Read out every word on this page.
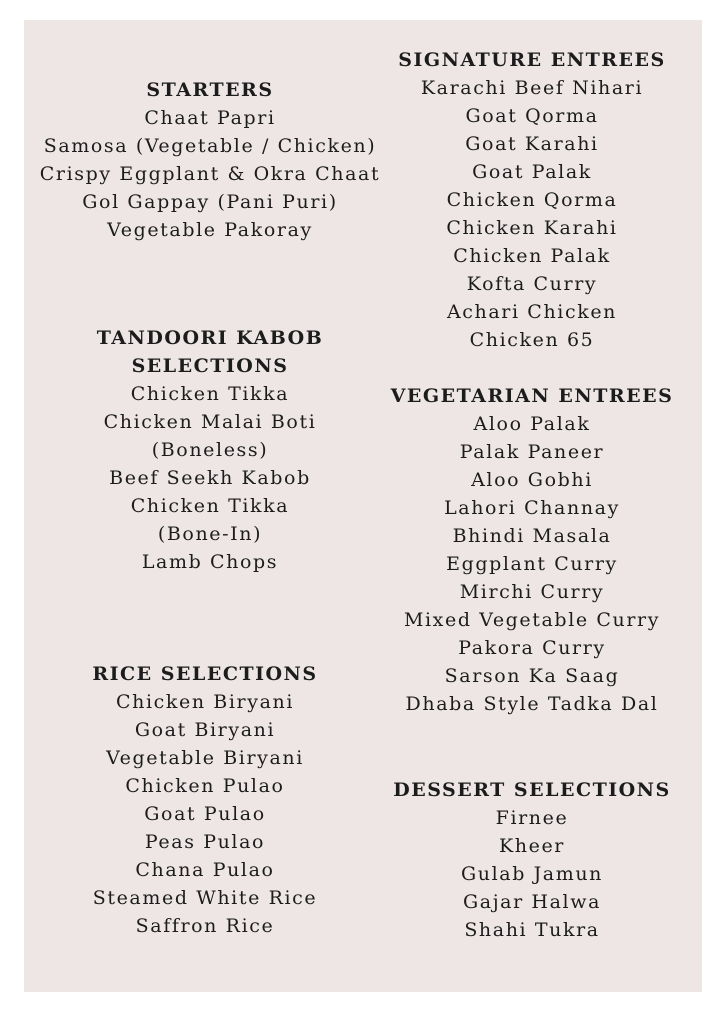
STARTERS
Chaat Papri
Samosa (Vegetable / Chicken)
Crispy Eggplant & Okra Chaat
Gol Gappay (Pani Puri)
Vegetable Pakoray
TANDOORI KABOB
SELECTIONS
Chicken Tikka
Chicken Malai Boti
(Boneless)
Beef Seekh Kabob
Chicken Tikka
(Bone-In)
Lamb Chops
RICE SELECTIONS
Chicken Biryani
Goat Biryani
Vegetable Biryani
Chicken Pulao
Goat Pulao
Peas Pulao
Chana Pulao
Steamed White Rice
Saffron Rice
SIGNATURE ENTREES
Karachi Beef Nihari
Goat Qorma
Goat Karahi
Goat Palak
Chicken Qorma
Chicken Karahi
Chicken Palak
Kofta Curry
Achari Chicken
Chicken 65
VEGETARIAN ENTREES
Aloo Palak
Palak Paneer
Aloo Gobhi
Lahori Channay
Bhindi Masala
Eggplant Curry
Mirchi Curry
Mixed Vegetable Curry
Pakora Curry
Sarson Ka Saag
Dhaba Style Tadka Dal
DESSERT SELECTIONS
Firnee
Kheer
Gulab Jamun
Gajar Halwa
Shahi Tukra
